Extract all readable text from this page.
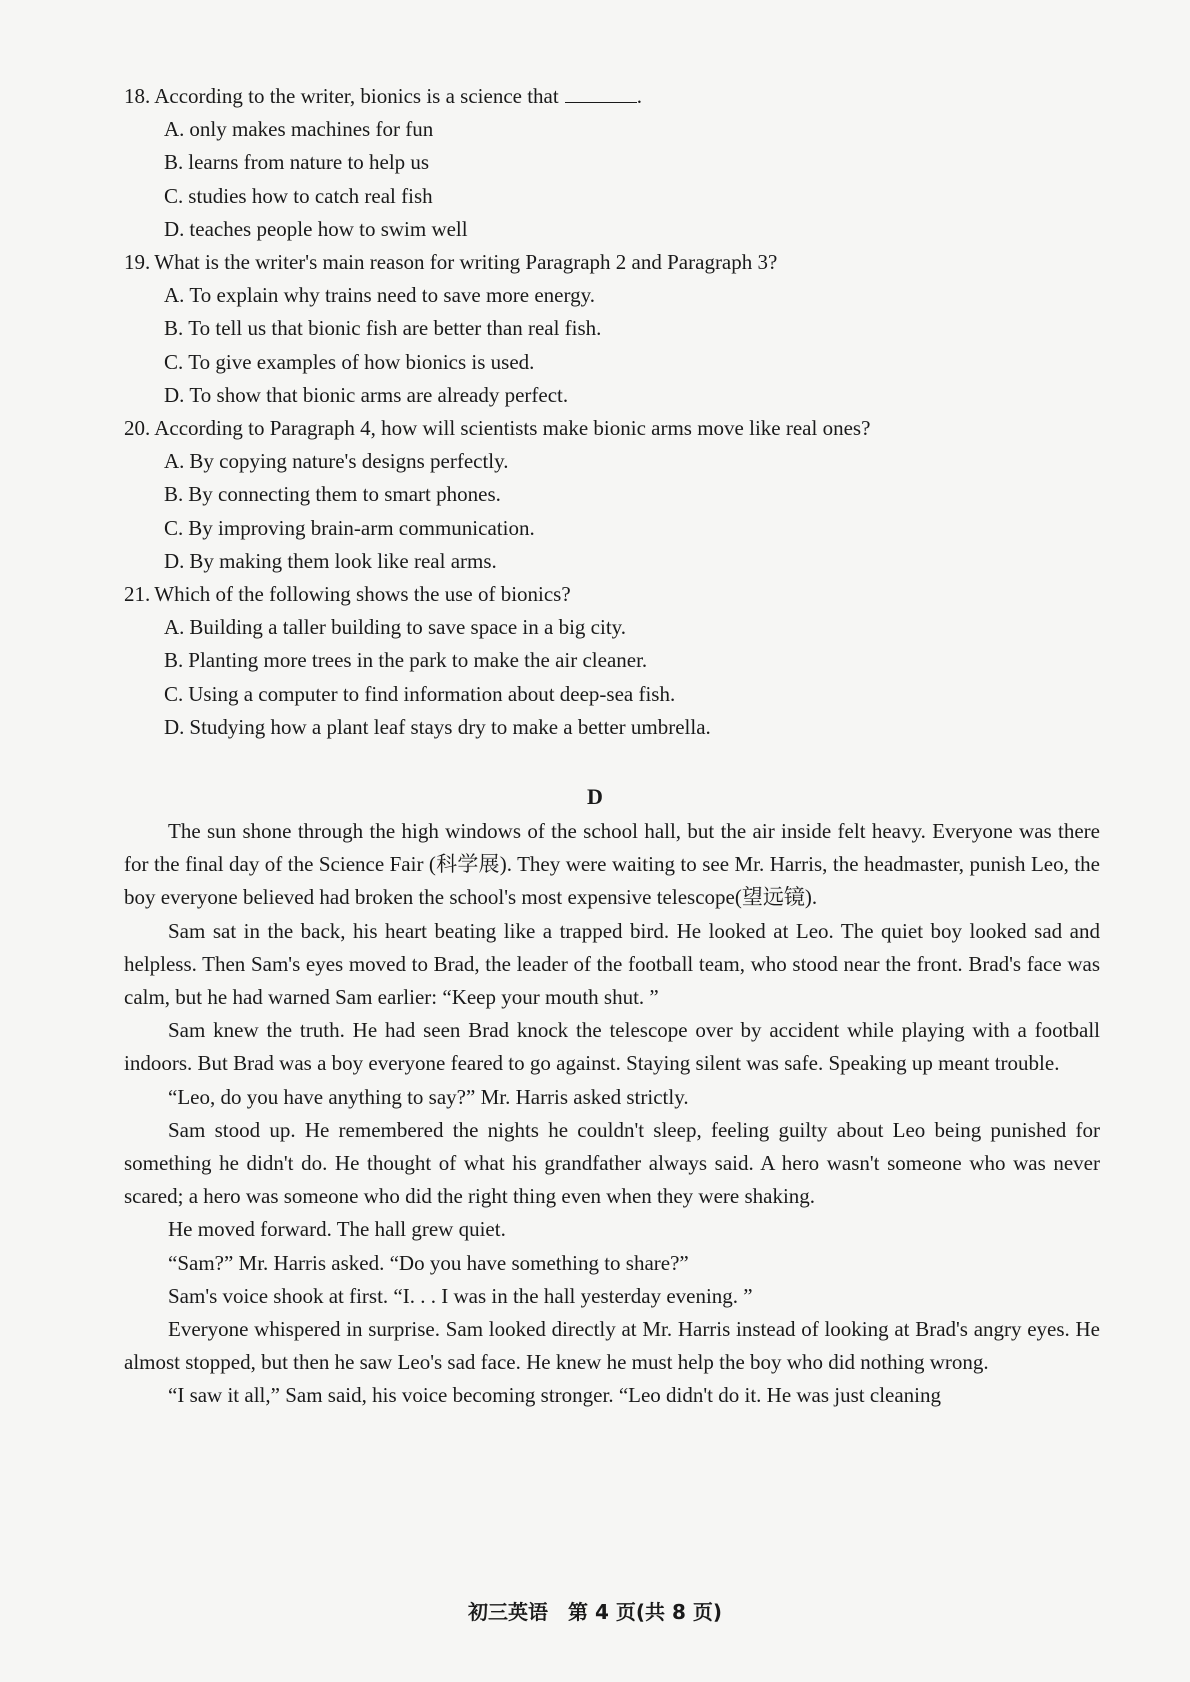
18. According to the writer, bionics is a science that	.
A. only makes machines for fun
B. learns from nature to help us
C. studies how to catch real fish
D. teaches people how to swim well
19. What is the writer's main reason for writing Paragraph 2 and Paragraph 3?
A. To explain why trains need to save more energy.
B. To tell us that bionic fish are better than real fish.
C. To give examples of how bionics is used.
D. To show that bionic arms are already perfect.
20. According to Paragraph 4, how will scientists make bionic arms move like real ones?
A. By copying nature's designs perfectly.
B. By connecting them to smart phones.
C. By improving brain-arm communication.
D. By making them look like real arms.
21. Which of the following shows the use of bionics?
A. Building a taller building to save space in a big city.
B. Planting more trees in the park to make the air cleaner.
C. Using a computer to find information about deep-sea fish.
D. Studying how a plant leaf stays dry to make a better umbrella.
D

The sun shone through the high windows of the school hall, but the air inside felt heavy. Everyone was there for the final day of the Science Fair (科学展). They were waiting to see Mr. Harris, the headmaster, punish Leo, the boy everyone believed had broken the school's most expensive telescope(望远镜).

Sam sat in the back, his heart beating like a trapped bird. He looked at Leo. The quiet boy looked sad and helpless. Then Sam's eyes moved to Brad, the leader of the football team, who stood near the front. Brad's face was calm, but he had warned Sam earlier: “Keep your mouth shut. ”

Sam knew the truth. He had seen Brad knock the telescope over by accident while playing with a football indoors. But Brad was a boy everyone feared to go against. Staying silent was safe. Speaking up meant trouble.

“Leo, do you have anything to say?” Mr. Harris asked strictly.

Sam stood up. He remembered the nights he couldn't sleep, feeling guilty about Leo being punished for something he didn't do. He thought of what his grandfather always said. A hero wasn't someone who was never scared; a hero was someone who did the right thing even when they were shaking.

He moved forward. The hall grew quiet.

“Sam?” Mr. Harris asked. “Do you have something to share?”

Sam's voice shook at first. “I. . . I was in the hall yesterday evening. ”

Everyone whispered in surprise. Sam looked directly at Mr. Harris instead of looking at Brad's angry eyes. He almost stopped, but then he saw Leo's sad face. He knew he must help the boy who did nothing wrong.

“I saw it all,” Sam said, his voice becoming stronger. “Leo didn't do it. He was just cleaning

初三英语　第 4 页(共 8 页)
